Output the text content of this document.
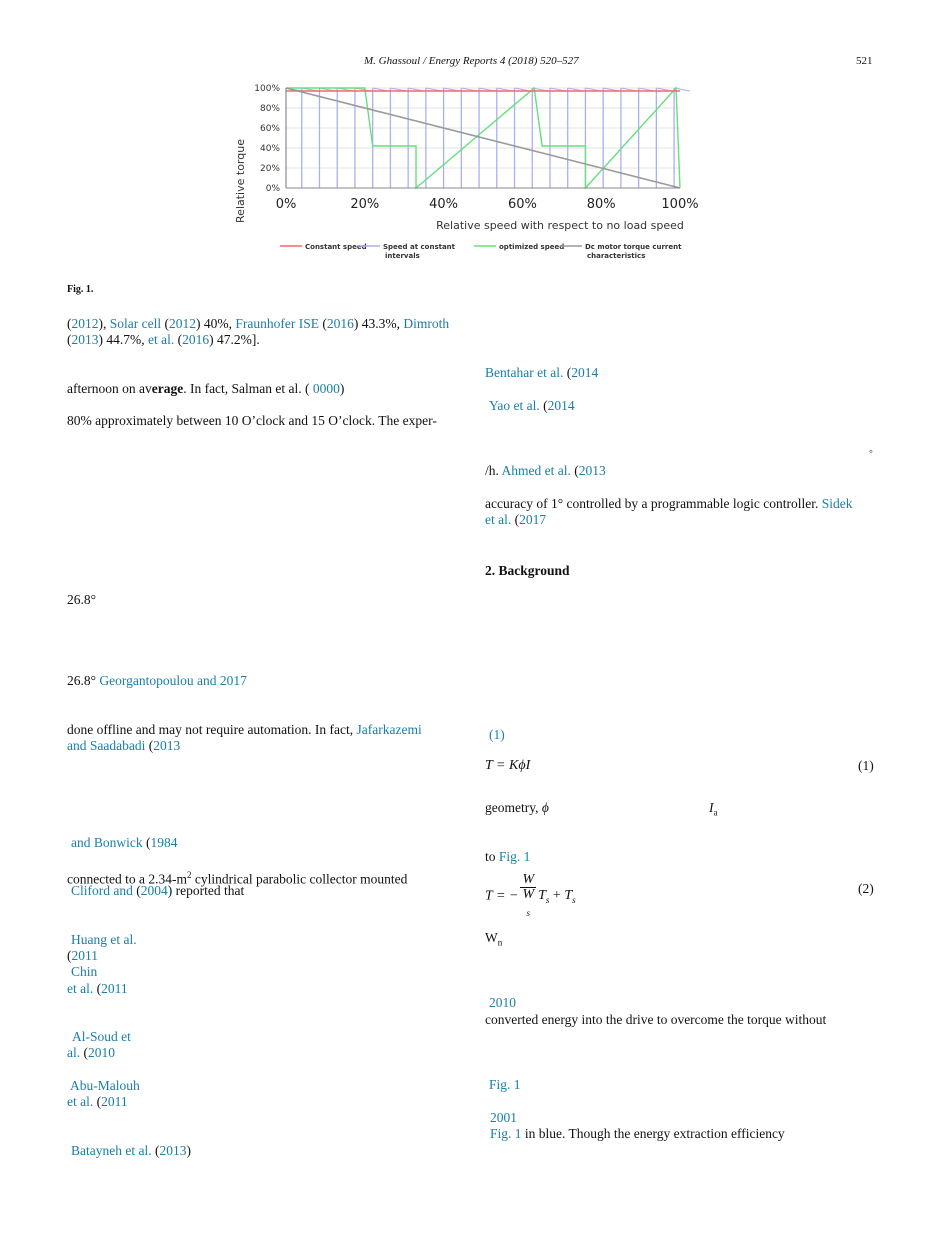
M. Ghassoul / Energy Reports 4 (2018) 520–527	521
Relative torque
Relative speed with respect to no load speed
0%	20%	40%	60%	80%	100%
0%
20%
40%
60%
80%
100%
Constant speed Speed at constant
intervals
optimized speed	Dc motor torque current
characteristics
Fig. 1.
(2012), Solar cell (2012) 40%, Fraunhofer ISE (2016) 43.3%, Dimroth
(2013) 44.7%, et al. (2016) 47.2%].
afternoon on average. In fact, Salman et al. ( 0000)
80% approximately between 10 O’clock and 15 O’clock. The exper-
26.8°
26.8° Georgantopoulou and 2017
done offline and may not require automation. In fact, Jafarkazemi
and Saadabadi (2013
and Bonwick (1984
connected to a $2.34-m^2$ cylindrical parabolic collector mounted
Cliford and (2004) reported that
Huang et al.
(2011
Chin
et al. (2011
Al-Soud et
al. (2010
Abu-Malouh
et al. (2011
Batayneh et al. (2013)
Bentahar et al. (2014
Yao et al. (2014
◦
/h. Ahmed et al. (2013
accuracy of 1° controlled by a programmable logic controller. Sidek
et al. (2017
2. Background
(1)
T = KϕI	(1)
geometry, ϕ	$I_a$
to Fig. 1
T = − W
W
$_s$ $T_s + T_s$
(2)
$W_n$
2010
converted energy into the drive to overcome the torque without
Fig. 1
2001
Fig. 1 in blue. Though the energy extraction efficiency
